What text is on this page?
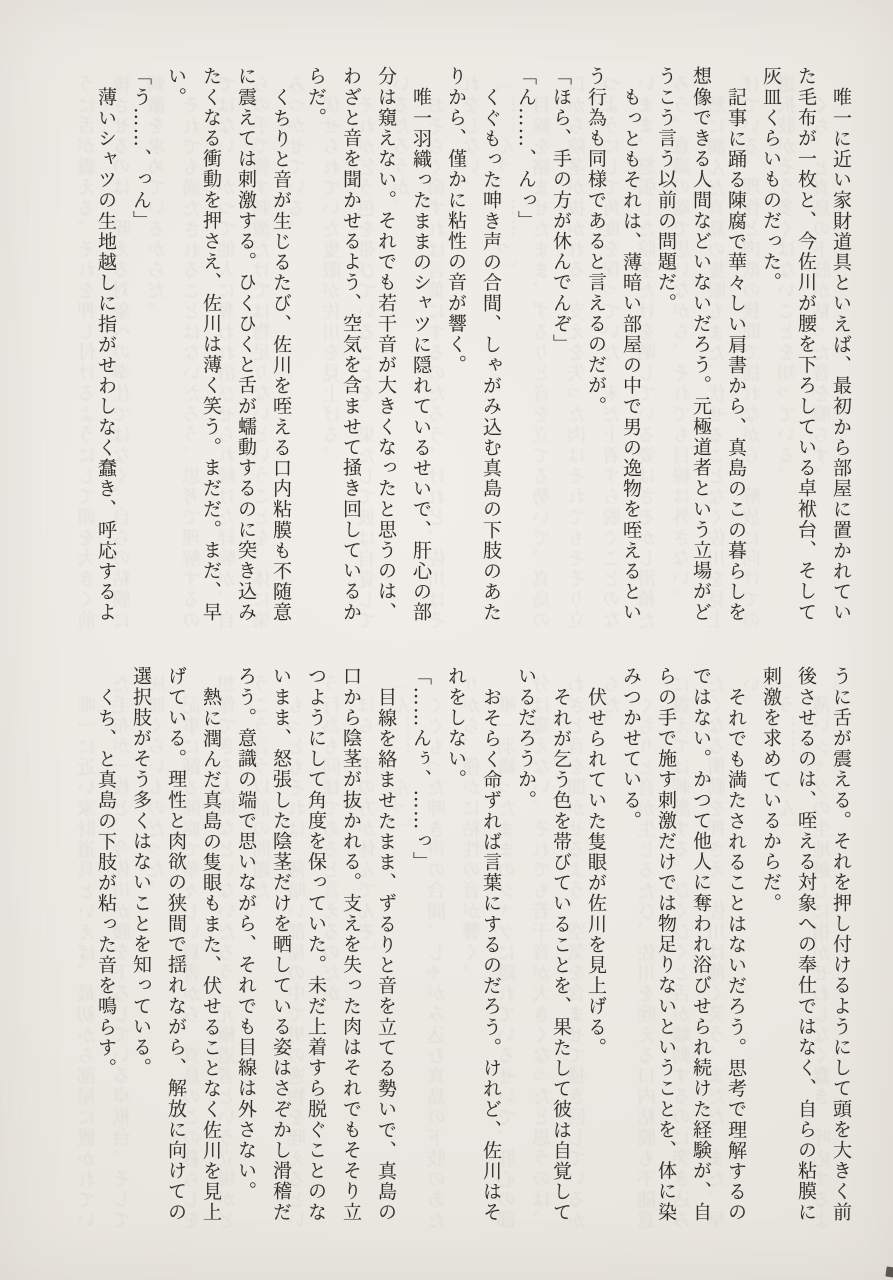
うに舌が震える。それを押し付けるようにして頭を大きく前 後させるのは、咥える対象への奉仕ではなく、自らの粘膜に 刺激を求めているからだ。 それでも満たされることはないだろう。思考で理解するの ではない。かつて他人に奪われ浴びせられ続けた経験が、自 らの手で施す刺激だけでは物足りないということを、体に染 みつかせている。 伏せられていた隻眼が佐川を見上げる。 それが乞う色を帯びていることを、果たして彼は自覚して いるだろうか。 おそらく命ずれば言葉にするのだろう。けれど、佐川はそ れをしない。 「……んぅ、……っ」 目線を絡ませたまま、ずるりと音を立てる勢いで、真島の 口から陰茎が抜かれる。支えを失った肉はそれでもそそり立 つようにして角度を保っていた。未だ上着すら脱ぐことのな いまま、怒張した陰茎だけを晒している姿はさぞかし滑稽だ ろう。意識の端で思いながら、それでも目線は外さない。 熱に潤んだ真島の隻眼もまた、伏せることなく佐川を見上 げている。理性と肉欲の狭間で揺れながら、解放に向けての 選択肢がそう多くはないことを知っている。 くち、と真島の下肢が粘った音を鳴らす。

唯一に近い家財道具といえば、最初から部屋に置かれてい た毛布が一枚と、今佐川が腰を下ろしている卓袱台、そして 灰皿くらいものだった。 記事に踊る陳腐で華々しい肩書から、真島のこの暮らしを 想像できる人間などいないだろう。元極道者という立場がど うこう言う以前の問題だ。 もっともそれは、薄暗い部屋の中で男の逸物を咥えるとい う行為も同様であると言えるのだが。 「ほら、手の方が休んでんぞ」 「ん……、んっ」 くぐもった呻き声の合間、しゃがみ込む真島の下肢のあた りから、僅かに粘性の音が響く。 唯一羽織ったままのシャツに隠れているせいで、肝心の部 分は窺えない。それでも若干音が大きくなったと思うのは、 わざと音を聞かせるよう、空気を含ませて掻き回しているか らだ。 くちりと音が生じるたび、佐川を咥える口内粘膜も不随意 に震えては刺激する。ひくひくと舌が蠕動するのに突き込み たくなる衝動を押さえ、佐川は薄く笑う。まだだ。まだ、早 い。 「う……、っん」 薄いシャツの生地越しに指がせわしなく蠢き、呼応するよ

唯一に近い家財道具といえば、最初から部屋に置かれてい

た毛布が一枚と、今佐川が腰を下ろしている卓袱台、そして

灰皿くらいものだった。

記事に踊る陳腐で華々しい肩書から、真島のこの暮らしを

想像できる人間などいないだろう。元極道者という立場がど

うこう言う以前の問題だ。

もっともそれは、薄暗い部屋の中で男の逸物を咥えるとい

う行為も同様であると言えるのだが。

「ほら、手の方が休んでんぞ」

「ん……、んっ」

くぐもった呻き声の合間、しゃがみ込む真島の下肢のあた

りから、僅かに粘性の音が響く。

唯一羽織ったままのシャツに隠れているせいで、肝心の部

分は窺えない。それでも若干音が大きくなったと思うのは、

わざと音を聞かせるよう、空気を含ませて掻き回しているか

らだ。

くちりと音が生じるたび、佐川を咥える口内粘膜も不随意

に震えては刺激する。ひくひくと舌が蠕動するのに突き込み

たくなる衝動を押さえ、佐川は薄く笑う。まだだ。まだ、早

い。

「う……、っん」

薄いシャツの生地越しに指がせわしなく蠢き、呼応するよ

うに舌が震える。それを押し付けるようにして頭を大きく前

後させるのは、咥える対象への奉仕ではなく、自らの粘膜に

刺激を求めているからだ。

それでも満たされることはないだろう。思考で理解するの

ではない。かつて他人に奪われ浴びせられ続けた経験が、自

らの手で施す刺激だけでは物足りないということを、体に染

みつかせている。

伏せられていた隻眼が佐川を見上げる。

それが乞う色を帯びていることを、果たして彼は自覚して

いるだろうか。

おそらく命ずれば言葉にするのだろう。けれど、佐川はそ

れをしない。

「……んぅ、……っ」

目線を絡ませたまま、ずるりと音を立てる勢いで、真島の

口から陰茎が抜かれる。支えを失った肉はそれでもそそり立

つようにして角度を保っていた。未だ上着すら脱ぐことのな

いまま、怒張した陰茎だけを晒している姿はさぞかし滑稽だ

ろう。意識の端で思いながら、それでも目線は外さない。

熱に潤んだ真島の隻眼もまた、伏せることなく佐川を見上

げている。理性と肉欲の狭間で揺れながら、解放に向けての

選択肢がそう多くはないことを知っている。

くち、と真島の下肢が粘った音を鳴らす。
